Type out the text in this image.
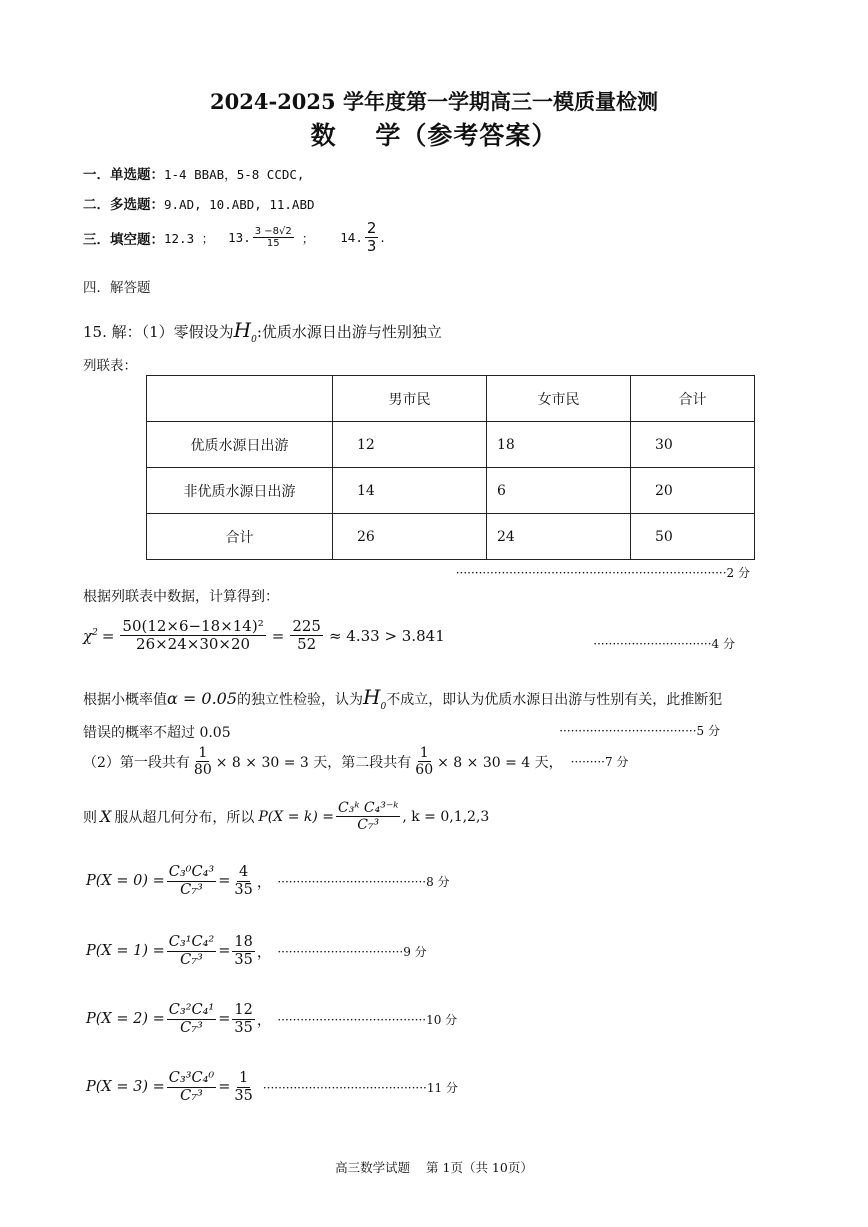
2024-2025 学年度第一学期高三一模质量检测
数    学（参考答案）
一．单选题：1-4 BBAB，5-8 CCDC,
二．多选题：9.AD, 10.ABD, 11.ABD
三．填空题： 12.3 ； 13. $\frac{3 -8√2}{15}$ ； 14. $\frac{2}{3}$ .
四．解答题
15. 解：（1）零假设为$H_0$:优质水源日出游与性别独立
列联表：
	男市民	女市民	合计
优质水源日出游	12	18	30
非优质水源日出游	14	6	20
合计	26	24	50
·······································································2 分
根据列联表中数据，计算得到：
$\chi^2 = \frac{\text{50(12×6−18×14)²}}{26\times 24\times 30\times 20} = \frac{225}{52} \approx 4.33 > 3.841$	·······························4 分
根据小概率值α = 0.05的独立性检验，认为$H_0$不成立，即认为优质水源日出游与性别有关，此推断犯
错误的概率不超过 0.05	····································5 分
（2）第一段共有 $\frac{1}{80} \times 8 \times 30 = 3$ 天，第二段共有 $\frac{1}{60} \times 8 \times 30 = 4$ 天， ·········7 分
则 X 服从超几何分布，所以 $P(X = k) = \frac{\text{C₃ᵏ C₄³⁻ᵏ}}{\text{C₇³}}$ , k = 0,1,2,3
$P(X = 0) = \frac{\text{C₃⁰C₄³}}{\text{C₇³}} = \frac{4}{35}$ ， ·······································8 分
$P(X = 1) = \frac{\text{C₃¹C₄²}}{\text{C₇³}} = \frac{18}{35}$ ， ·································9 分
$P(X = 2) = \frac{\text{C₃²C₄¹}}{\text{C₇³}} = \frac{12}{35}$ ， ·······································10 分
$P(X = 3) = \frac{\text{C₃³C₄⁰}}{\text{C₇³}} = \frac{1}{35} \cdot\cdot\cdot\cdot\cdot\cdot\cdot\cdot\cdot\cdot\cdot\cdot\cdot\cdot\cdot\cdot\cdot\cdot\cdot\cdot\cdot\cdot\cdot\cdot\cdot\cdot\cdot\cdot\cdot\cdot\cdot\cdot\cdot\cdot\cdot\cdot\cdot\cdot\cdot\cdot\cdot\cdot\cdot 11$ 分
高三数学试题    第 1页（共 10页）
